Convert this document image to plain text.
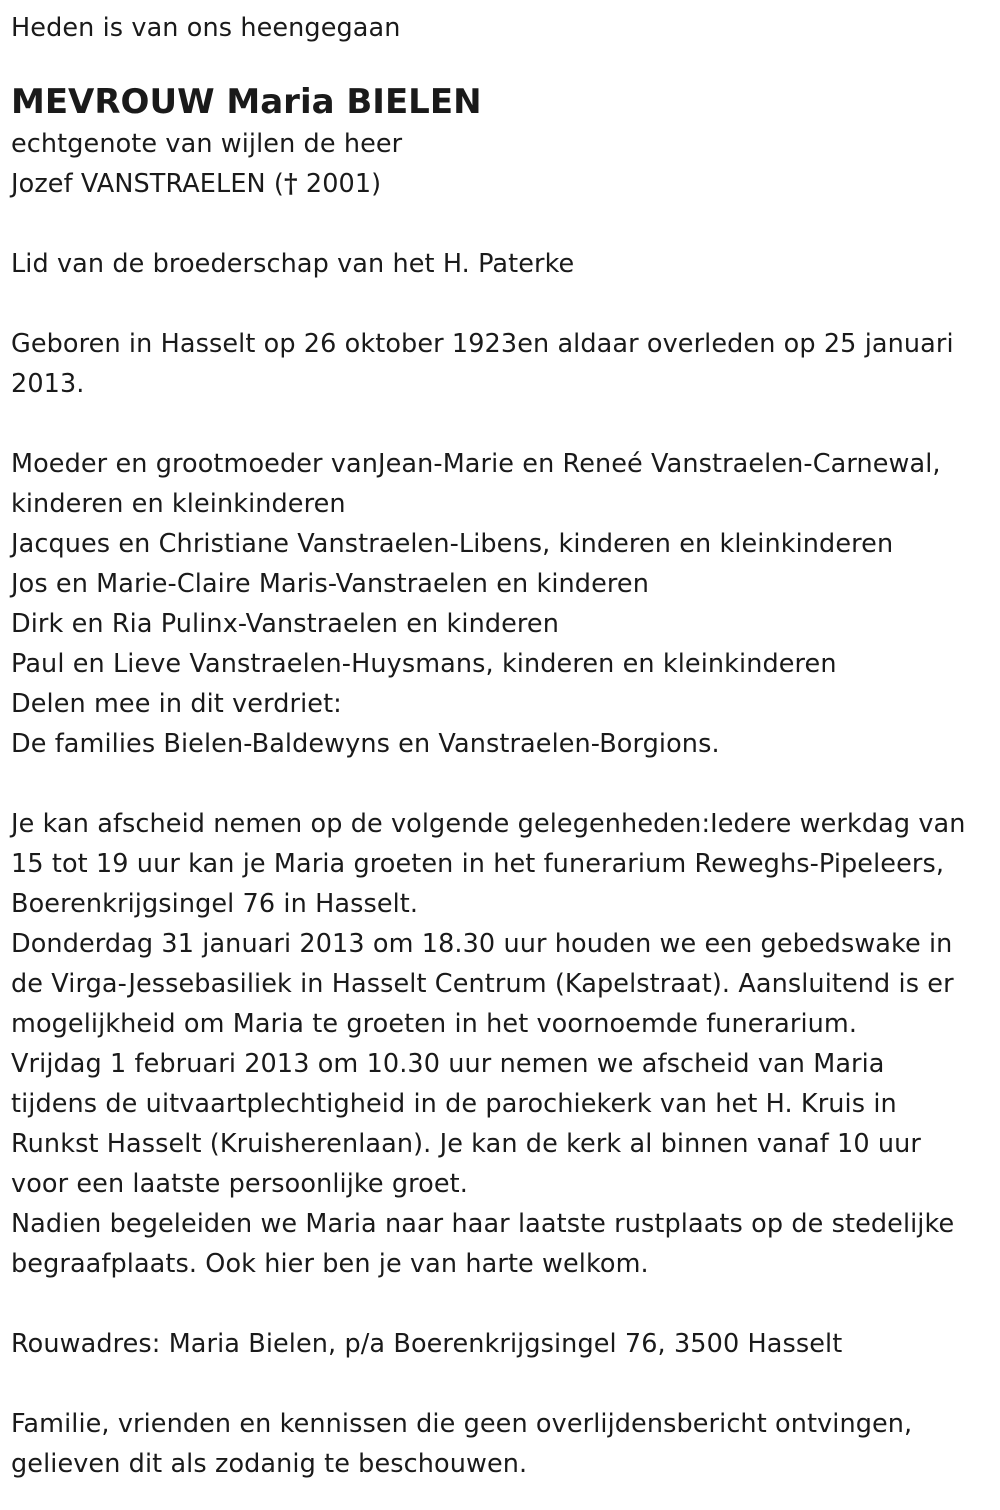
Heden is van ons heengegaan
MEVROUW Maria BIELEN
echtgenote van wijlen de heer
Jozef VANSTRAELEN († 2001)
Lid van de broederschap van het H. Paterke
Geboren in Hasselt op 26 oktober 1923en aldaar overleden op 25 januari
2013.
Moeder en grootmoeder vanJean-Marie en Reneé Vanstraelen-Carnewal,
kinderen en kleinkinderen
Jacques en Christiane Vanstraelen-Libens, kinderen en kleinkinderen
Jos en Marie-Claire Maris-Vanstraelen en kinderen
Dirk en Ria Pulinx-Vanstraelen en kinderen
Paul en Lieve Vanstraelen-Huysmans, kinderen en kleinkinderen
Delen mee in dit verdriet:
De families Bielen-Baldewyns en Vanstraelen-Borgions.
Je kan afscheid nemen op de volgende gelegenheden:Iedere werkdag van
15 tot 19 uur kan je Maria groeten in het funerarium Reweghs-Pipeleers,
Boerenkrijgsingel 76 in Hasselt.
Donderdag 31 januari 2013 om 18.30 uur houden we een gebedswake in
de Virga-Jessebasiliek in Hasselt Centrum (Kapelstraat). Aansluitend is er
mogelijkheid om Maria te groeten in het voornoemde funerarium.
Vrijdag 1 februari 2013 om 10.30 uur nemen we afscheid van Maria
tijdens de uitvaartplechtigheid in de parochiekerk van het H. Kruis in
Runkst Hasselt (Kruisherenlaan). Je kan de kerk al binnen vanaf 10 uur
voor een laatste persoonlijke groet.
Nadien begeleiden we Maria naar haar laatste rustplaats op de stedelijke
begraafplaats. Ook hier ben je van harte welkom.
Rouwadres: Maria Bielen, p/a Boerenkrijgsingel 76, 3500 Hasselt
Familie, vrienden en kennissen die geen overlijdensbericht ontvingen,
gelieven dit als zodanig te beschouwen.
